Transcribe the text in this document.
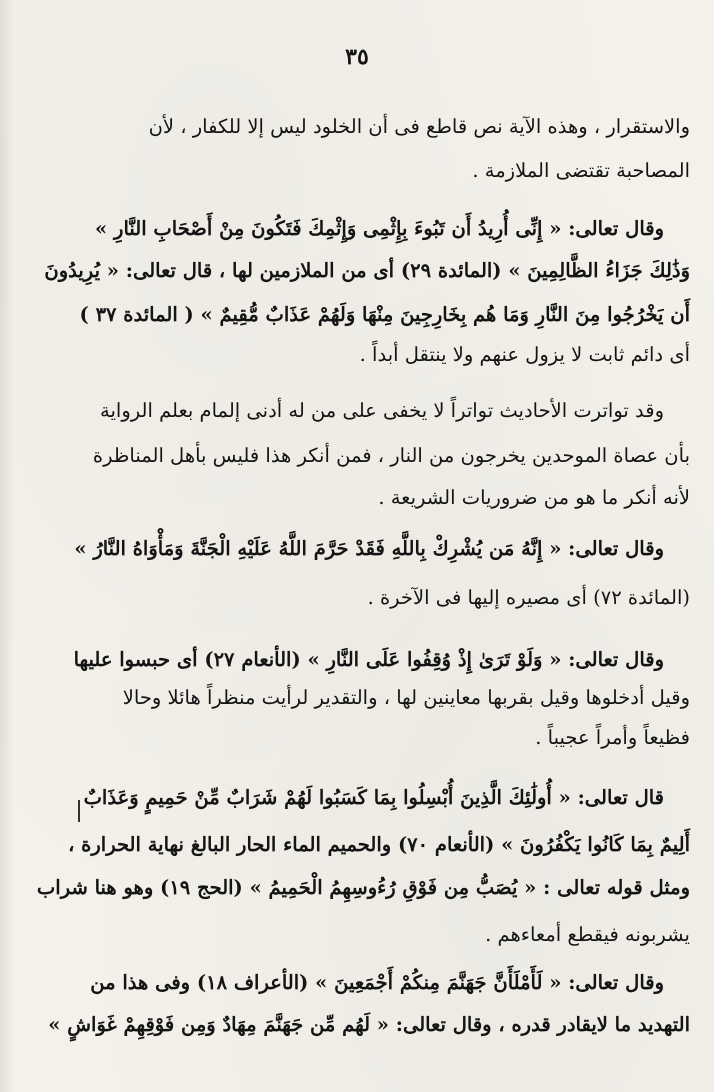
٣٥
والاستقرار ، وهذه الآية نص قاطع فى أن الخلود ليس إلا للكفار ، لأن
المصاحبة تقتضى الملازمة .
وقال تعالى: « إِنِّى أُرِيدُ أَن تَبُوءَ بِإِثْمِى وَإِثْمِكَ فَتَكُونَ مِنْ أَصْحَابِ النَّارِ »
وَذَٰلِكَ جَزَاءُ الظَّالِمِينَ » (المائدة ٢٩) أى من الملازمين لها ، قال تعالى: « يُرِيدُونَ
أَن يَخْرُجُوا مِنَ النَّارِ وَمَا هُم بِخَارِجِينَ مِنْهَا وَلَهُمْ عَذَابٌ مُّقِيمٌ » ( المائدة ٣٧ )
أى دائم ثابت لا يزول عنهم ولا ينتقل أبداً .
وقد تواترت الأحاديث تواتراً لا يخفى على من له أدنى إلمام بعلم الرواية
بأن عصاة الموحدين يخرجون من النار ، فمن أنكر هذا فليس بأهل المناظرة
لأنه أنكر ما هو من ضروريات الشريعة .
وقال تعالى: « إِنَّهُ مَن يُشْرِكْ بِاللَّهِ فَقَدْ حَرَّمَ اللَّهُ عَلَيْهِ الْجَنَّةَ وَمَأْوَاهُ النَّارُ »
(المائدة ٧٢) أى مصيره إليها فى الآخرة .
وقال تعالى: « وَلَوْ تَرَىٰ إِذْ وُقِفُوا عَلَى النَّارِ » (الأنعام ٢٧) أى حبسوا عليها
وقيل أدخلوها وقيل بقربها معاينين لها ، والتقدير لرأيت منظراً هائلا وحالا
فظيعاً وأمراً عجيباً .
قال تعالى: « أُولَٰئِكَ الَّذِينَ أُبْسِلُوا بِمَا كَسَبُوا لَهُمْ شَرَابٌ مِّنْ حَمِيمٍ وَعَذَابٌ
أَلِيمٌ بِمَا كَانُوا يَكْفُرُونَ » (الأنعام ٧٠) والحميم الماء الحار البالغ نهاية الحرارة ،
ومثل قوله تعالى : « يُصَبُّ مِن فَوْقِ رُءُوسِهِمُ الْحَمِيمُ » (الحج ١٩) وهو هنا شراب
يشربونه فيقطع أمعاءهم .
وقال تعالى: « لَأَمْلَأَنَّ جَهَنَّمَ مِنكُمْ أَجْمَعِينَ » (الأعراف ١٨) وفى هذا من
التهديد ما لايقادر قدره ، وقال تعالى: « لَهُم مِّن جَهَنَّمَ مِهَادٌ وَمِن فَوْقِهِمْ غَوَاشٍ »
